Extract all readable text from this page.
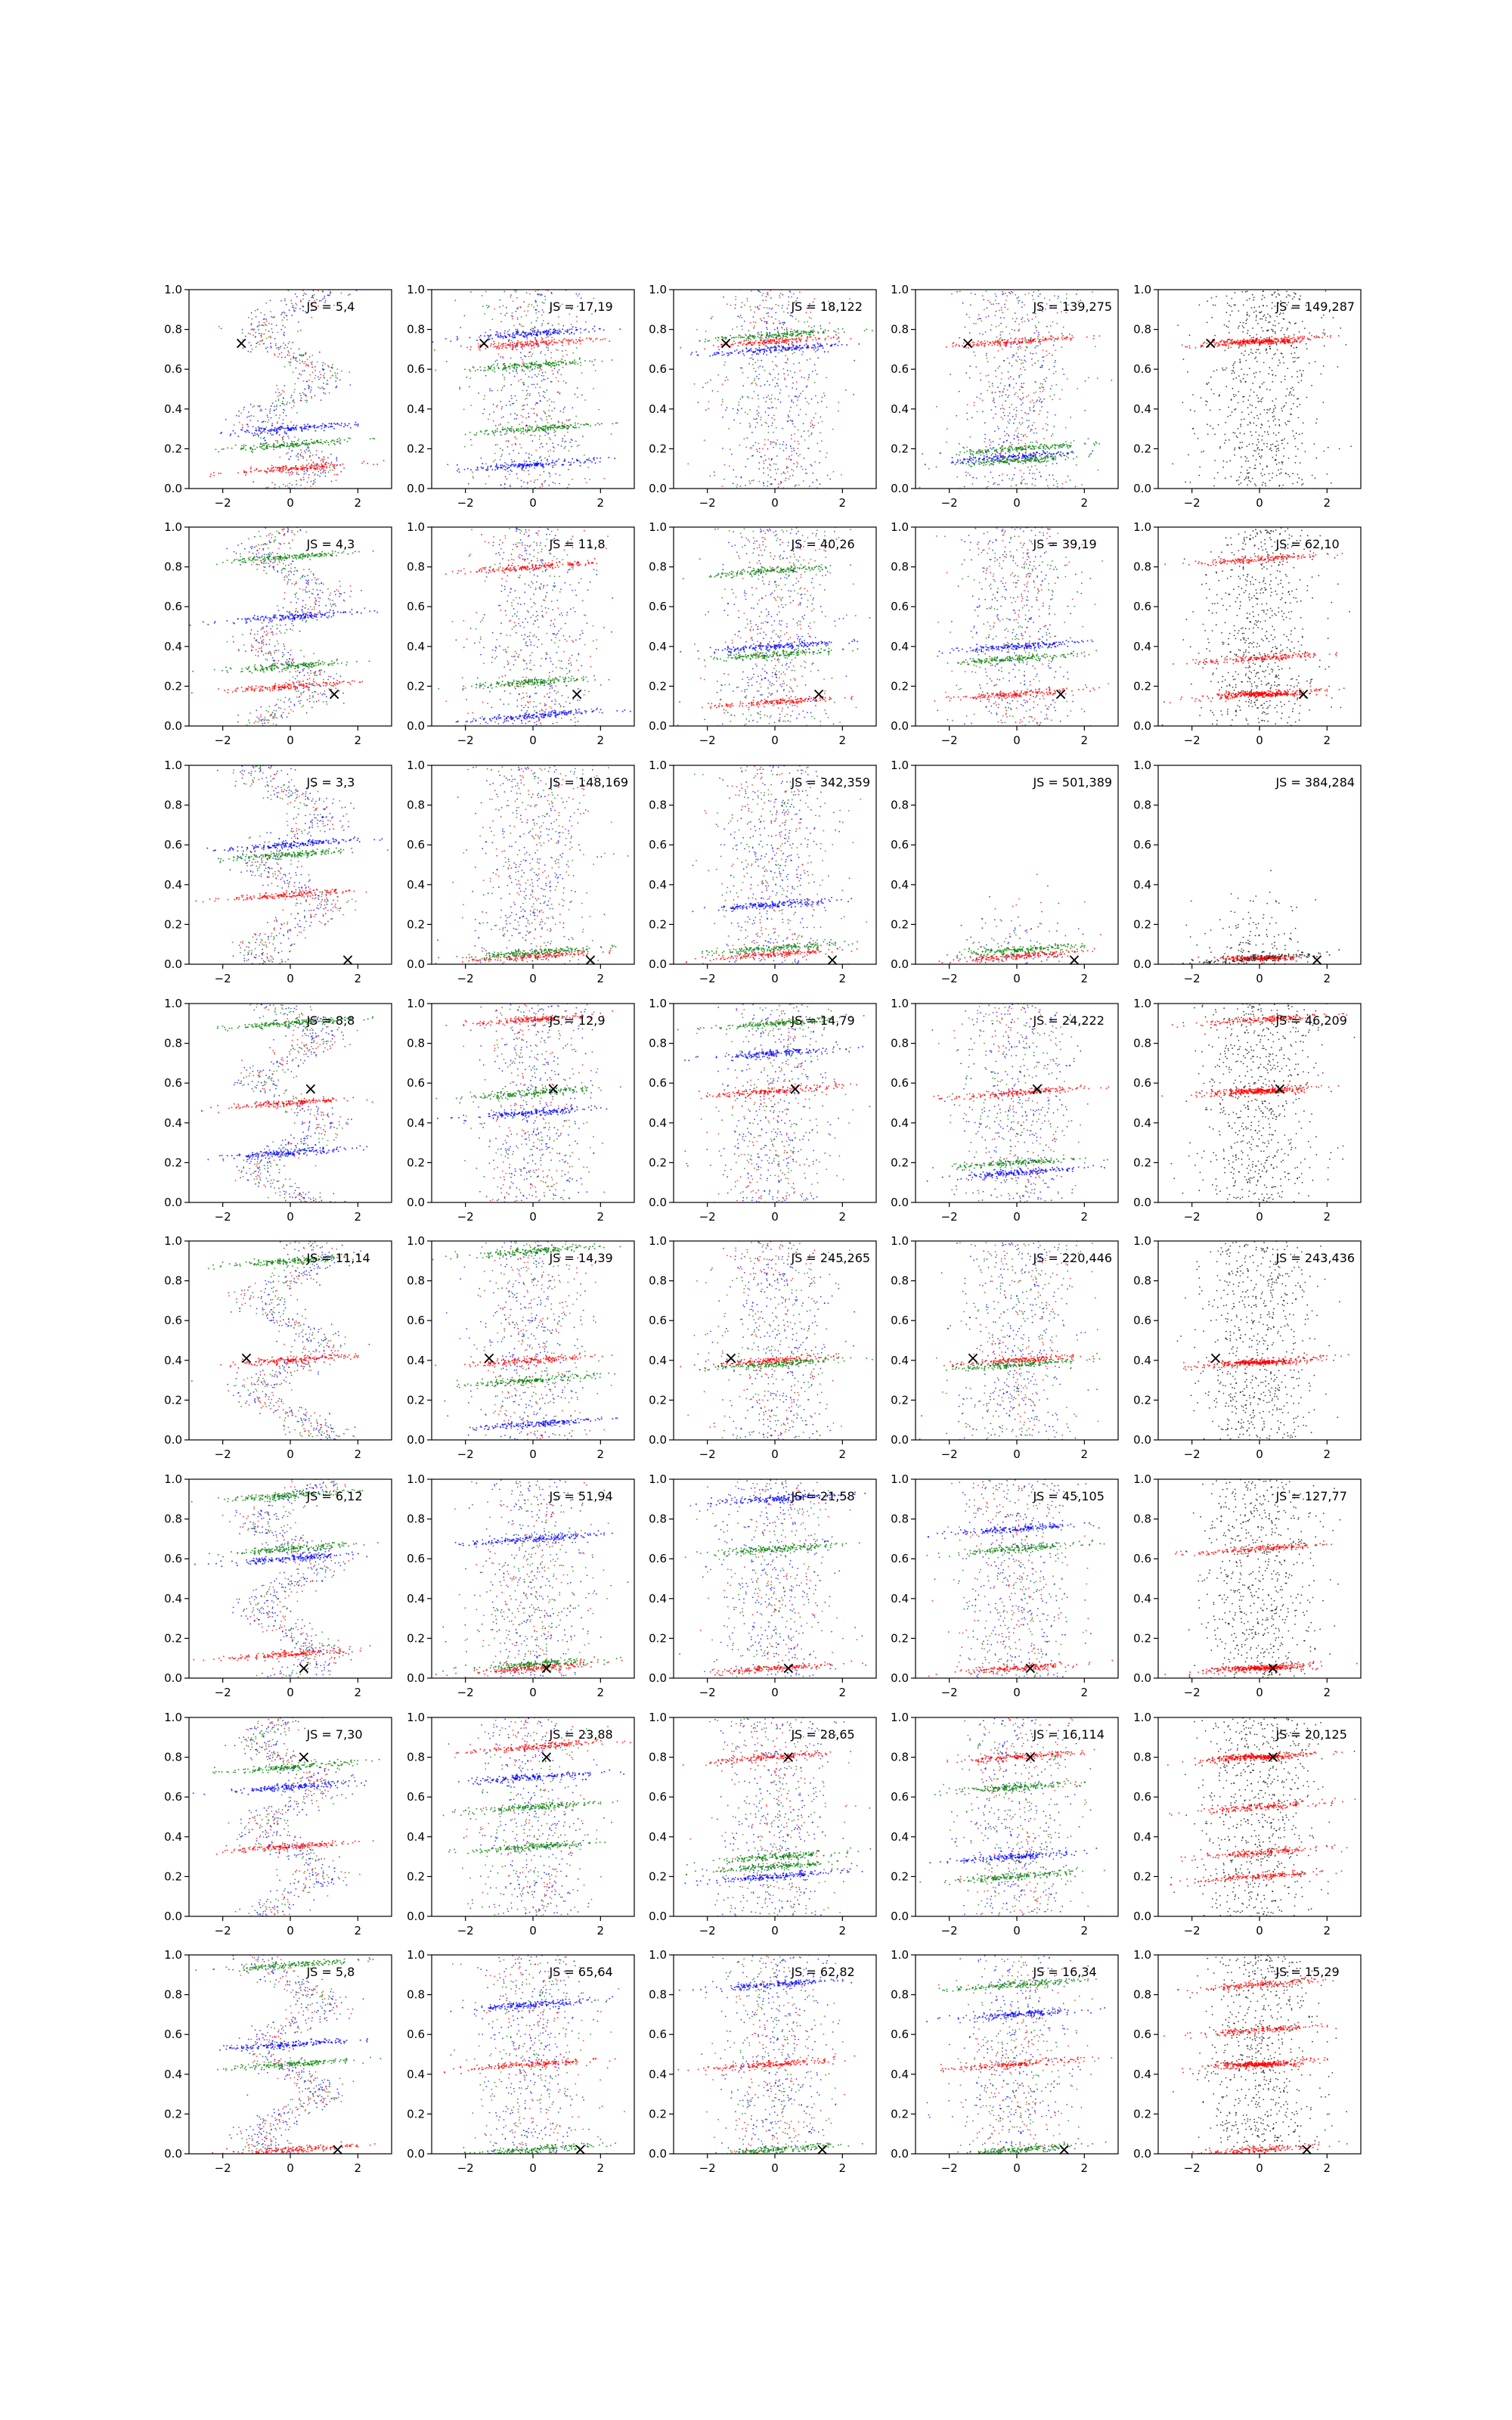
×
0.0
0.2
0.4
0.6
0.8
1.0
−2	0	2
JS = 5,4
×
0.0
0.2
0.4
0.6
0.8
1.0
−2	0	2
JS = 17,19
×
0.0
0.2
0.4
0.6
0.8
1.0
−2	0	2
JS = 18,122
×
0.0
0.2
0.4
0.6
0.8
1.0
−2	0	2
JS = 139,275
×
0.0
0.2
0.4
0.6
0.8
1.0
−2	0	2
JS = 149,287
×
0.0
0.2
0.4
0.6
0.8
1.0
−2	0	2
JS = 4,3
×
0.0
0.2
0.4
0.6
0.8
1.0
−2	0	2
JS = 11,8
×
0.0
0.2
0.4
0.6
0.8
1.0
−2	0	2
JS = 40,26
×
0.0
0.2
0.4
0.6
0.8
1.0
−2	0	2
JS = 39,19
×
0.0
0.2
0.4
0.6
0.8
1.0
−2	0	2
JS = 62,10
×
0.0
0.2
0.4
0.6
0.8
1.0
−2	0	2
JS = 3,3
×
0.0
0.2
0.4
0.6
0.8
1.0
−2	0	2
JS = 148,169
×
0.0
0.2
0.4
0.6
0.8
1.0
−2	0	2
JS = 342,359
×
0.0
0.2
0.4
0.6
0.8
1.0
−2	0	2
JS = 501,389
×
0.0
0.2
0.4
0.6
0.8
1.0
−2	0	2
JS = 384,284
×
0.0
0.2
0.4
0.6
0.8
1.0
−2	0	2
JS = 8,8
×
0.0
0.2
0.4
0.6
0.8
1.0
−2	0	2
JS = 12,9
×
0.0
0.2
0.4
0.6
0.8
1.0
−2	0	2
JS = 14,79
×
0.0
0.2
0.4
0.6
0.8
1.0
−2	0	2
JS = 24,222
×
0.0
0.2
0.4
0.6
0.8
1.0
−2	0	2
JS = 46,209
×
0.0
0.2
0.4
0.6
0.8
1.0
−2	0	2
JS = 11,14
×
0.0
0.2
0.4
0.6
0.8
1.0
−2	0	2
JS = 14,39
×
0.0
0.2
0.4
0.6
0.8
1.0
−2	0	2
JS = 245,265
×
0.0
0.2
0.4
0.6
0.8
1.0
−2	0	2
JS = 220,446
×
0.0
0.2
0.4
0.6
0.8
1.0
−2	0	2
JS = 243,436
×
0.0
0.2
0.4
0.6
0.8
1.0
−2	0	2
JS = 6,12
×
0.0
0.2
0.4
0.6
0.8
1.0
−2	0	2
JS = 51,94
×
0.0
0.2
0.4
0.6
0.8
1.0
−2	0	2
JS = 21,58
×
0.0
0.2
0.4
0.6
0.8
1.0
−2	0	2
JS = 45,105
×
0.0
0.2
0.4
0.6
0.8
1.0
−2	0	2
JS = 127,77
×
0.0
0.2
0.4
0.6
0.8
1.0
−2	0	2
JS = 7,30
×
0.0
0.2
0.4
0.6
0.8
1.0
−2	0	2
JS = 23,88
×
0.0
0.2
0.4
0.6
0.8
1.0
−2	0	2
JS = 28,65
×
0.0
0.2
0.4
0.6
0.8
1.0
−2	0	2
JS = 16,114
×
0.0
0.2
0.4
0.6
0.8
1.0
−2	0	2
JS = 20,125
×
0.0
0.2
0.4
0.6
0.8
1.0
−2	0	2
JS = 5,8
×
0.0
0.2
0.4
0.6
0.8
1.0
−2	0	2
JS = 65,64
×
0.0
0.2
0.4
0.6
0.8
1.0
−2	0	2
JS = 62,82
×
0.0
0.2
0.4
0.6
0.8
1.0
−2	0	2
JS = 16,34
×
0.0
0.2
0.4
0.6
0.8
1.0
−2	0	2
JS = 15,29
